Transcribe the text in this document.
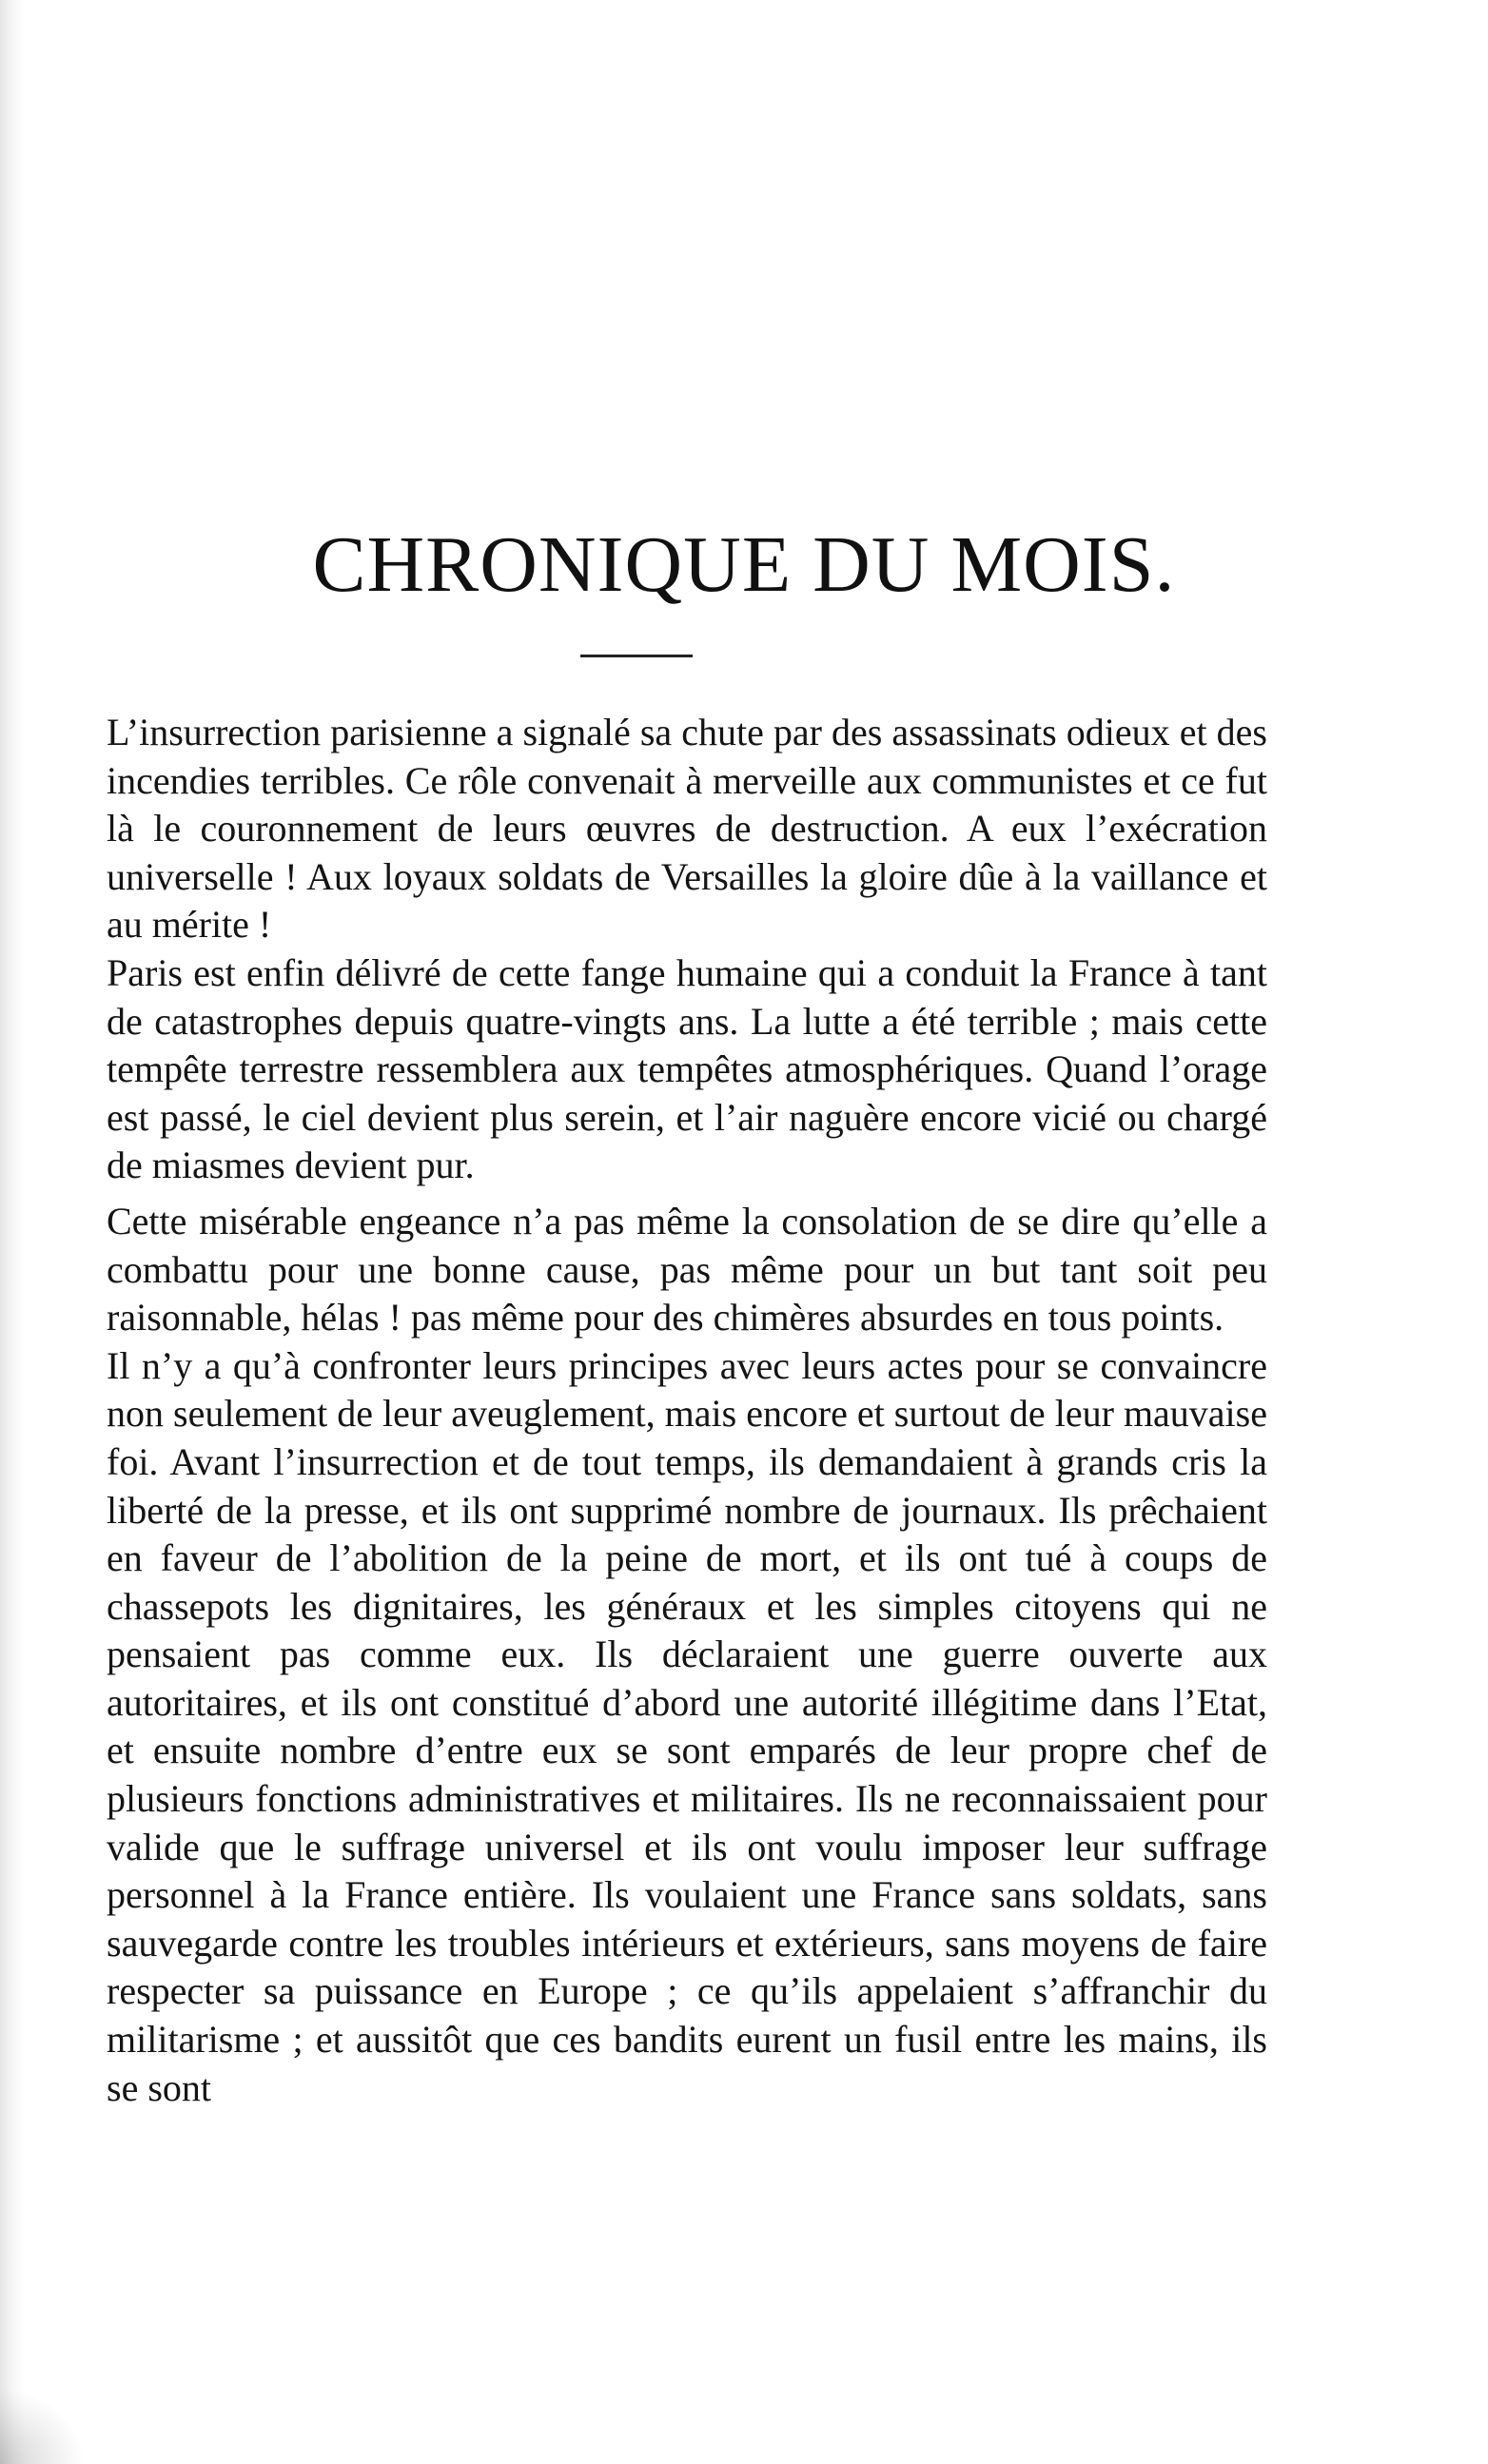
CHRONIQUE DU MOIS.

L’insurrection parisienne a signalé sa chute par des assassinats odieux et des incendies terribles. Ce rôle convenait à merveille aux communistes et ce fut là le couronnement de leurs œuvres de destruction. A eux l’exécration universelle ! Aux loyaux soldats de Versailles la gloire dûe à la vaillance et au mérite !

Paris est enfin délivré de cette fange humaine qui a conduit la France à tant de catastrophes depuis quatre-vingts ans. La lutte a été terrible ; mais cette tempête terrestre ressemblera aux tempêtes atmosphériques. Quand l’orage est passé, le ciel devient plus serein, et l’air naguère encore vicié ou chargé de miasmes devient pur.

Cette misérable engeance n’a pas même la consolation de se dire qu’elle a combattu pour une bonne cause, pas même pour un but tant soit peu raisonnable, hélas ! pas même pour des chimères absurdes en tous points.

Il n’y a qu’à confronter leurs principes avec leurs actes pour se convaincre non seulement de leur aveuglement, mais encore et surtout de leur mauvaise foi. Avant l’insurrection et de tout temps, ils demandaient à grands cris la liberté de la presse, et ils ont supprimé nombre de journaux. Ils prêchaient en faveur de l’abolition de la peine de mort, et ils ont tué à coups de chassepots les dignitaires, les généraux et les simples citoyens qui ne pensaient pas comme eux. Ils déclaraient une guerre ouverte aux autoritaires, et ils ont constitué d’abord une autorité illégitime dans l’Etat, et ensuite nombre d’entre eux se sont emparés de leur propre chef de plusieurs fonctions administratives et militaires. Ils ne reconnaissaient pour valide que le suffrage universel et ils ont voulu imposer leur suffrage personnel à la France entière. Ils voulaient une France sans soldats, sans sauvegarde contre les troubles intérieurs et extérieurs, sans moyens de faire respecter sa puissance en Europe ; ce qu’ils appelaient s’affranchir du militarisme ; et aussitôt que ces bandits eurent un fusil entre les mains, ils se sont
